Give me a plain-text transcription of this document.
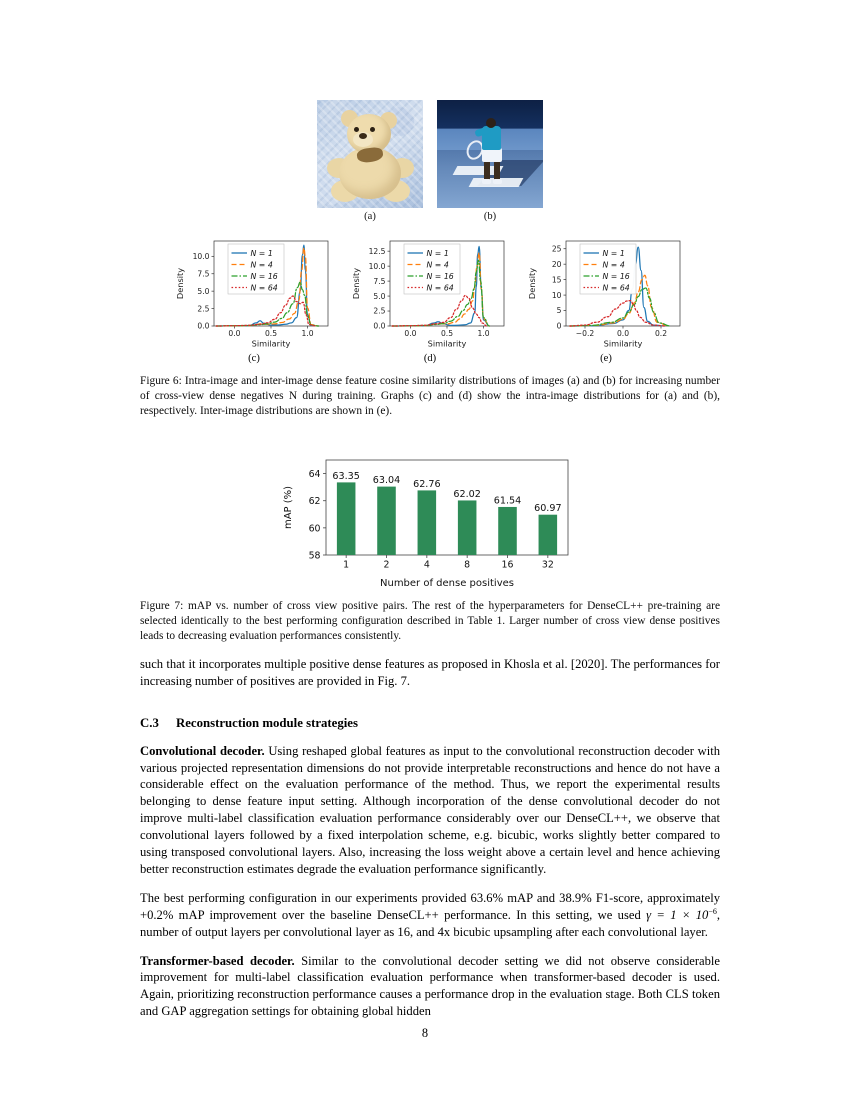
(a)	(b)
0.0	0.5	1.0
0.0
2.5
5.0
7.5
10.0
Similarity
Density
N = 1
N = 4
N = 16
N = 64
(c)
0.0	0.5	1.0
0.0
2.5
5.0
7.5
10.0
12.5
Similarity
Density
N = 1
N = 4
N = 16
N = 64
(d)
−0.2	0.0	0.2
0
5
10
15
20
25
Similarity
Density
N = 1
N = 4
N = 16
N = 64
(e)
Figure 6: Intra-image and inter-image dense feature cosine similarity distributions of images (a) and (b) for increasing number of cross-view dense negatives N during training. Graphs (c) and (d) show the intra-image distributions for (a) and (b), respectively. Inter-image distributions are shown in (e).
58
60
62
64 63.35
1
63.04
2
62.76
4
62.02
8
61.54
16
60.97
32
Number of dense positives
mAP (%)
Figure 7: mAP vs. number of cross view positive pairs. The rest of the hyperparameters for DenseCL++ pre-training are selected identically to the best performing configuration described in Table 1. Larger number of cross view dense positives leads to decreasing evaluation performances consistently.

such that it incorporates multiple positive dense features as proposed in Khosla et al. [2020]. The performances for increasing number of positives are provided in Fig. 7.

C.3 Reconstruction module strategies

Convolutional decoder. Using reshaped global features as input to the convolutional reconstruction decoder with various projected representation dimensions do not provide interpretable reconstructions and hence do not have a considerable effect on the evaluation performance of the method. Thus, we report the experimental results belonging to dense feature input setting. Although incorporation of the dense convolutional decoder do not improve multi-label classification evaluation performance considerably over our DenseCL++, we observe that convolutional layers followed by a fixed interpolation scheme, e.g. bicubic, works slightly better compared to using transposed convolutional layers. Also, increasing the loss weight above a certain level and hence achieving better reconstruction estimates degrade the evaluation performance significantly.

The best performing configuration in our experiments provided 63.6% mAP and 38.9% F1-score, approximately +0.2% mAP improvement over the baseline DenseCL++ performance. In this setting, we used $\gamma = 1 \times 10^{-6}$, number of output layers per convolutional layer as 16, and 4x bicubic upsampling after each convolutional layer.

Transformer-based decoder. Similar to the convolutional decoder setting we did not observe considerable improvement for multi-label classification evaluation performance when transformer-based decoder is used. Again, prioritizing reconstruction performance causes a performance drop in the evaluation stage. Both CLS token and GAP aggregation settings for obtaining global hidden

8
